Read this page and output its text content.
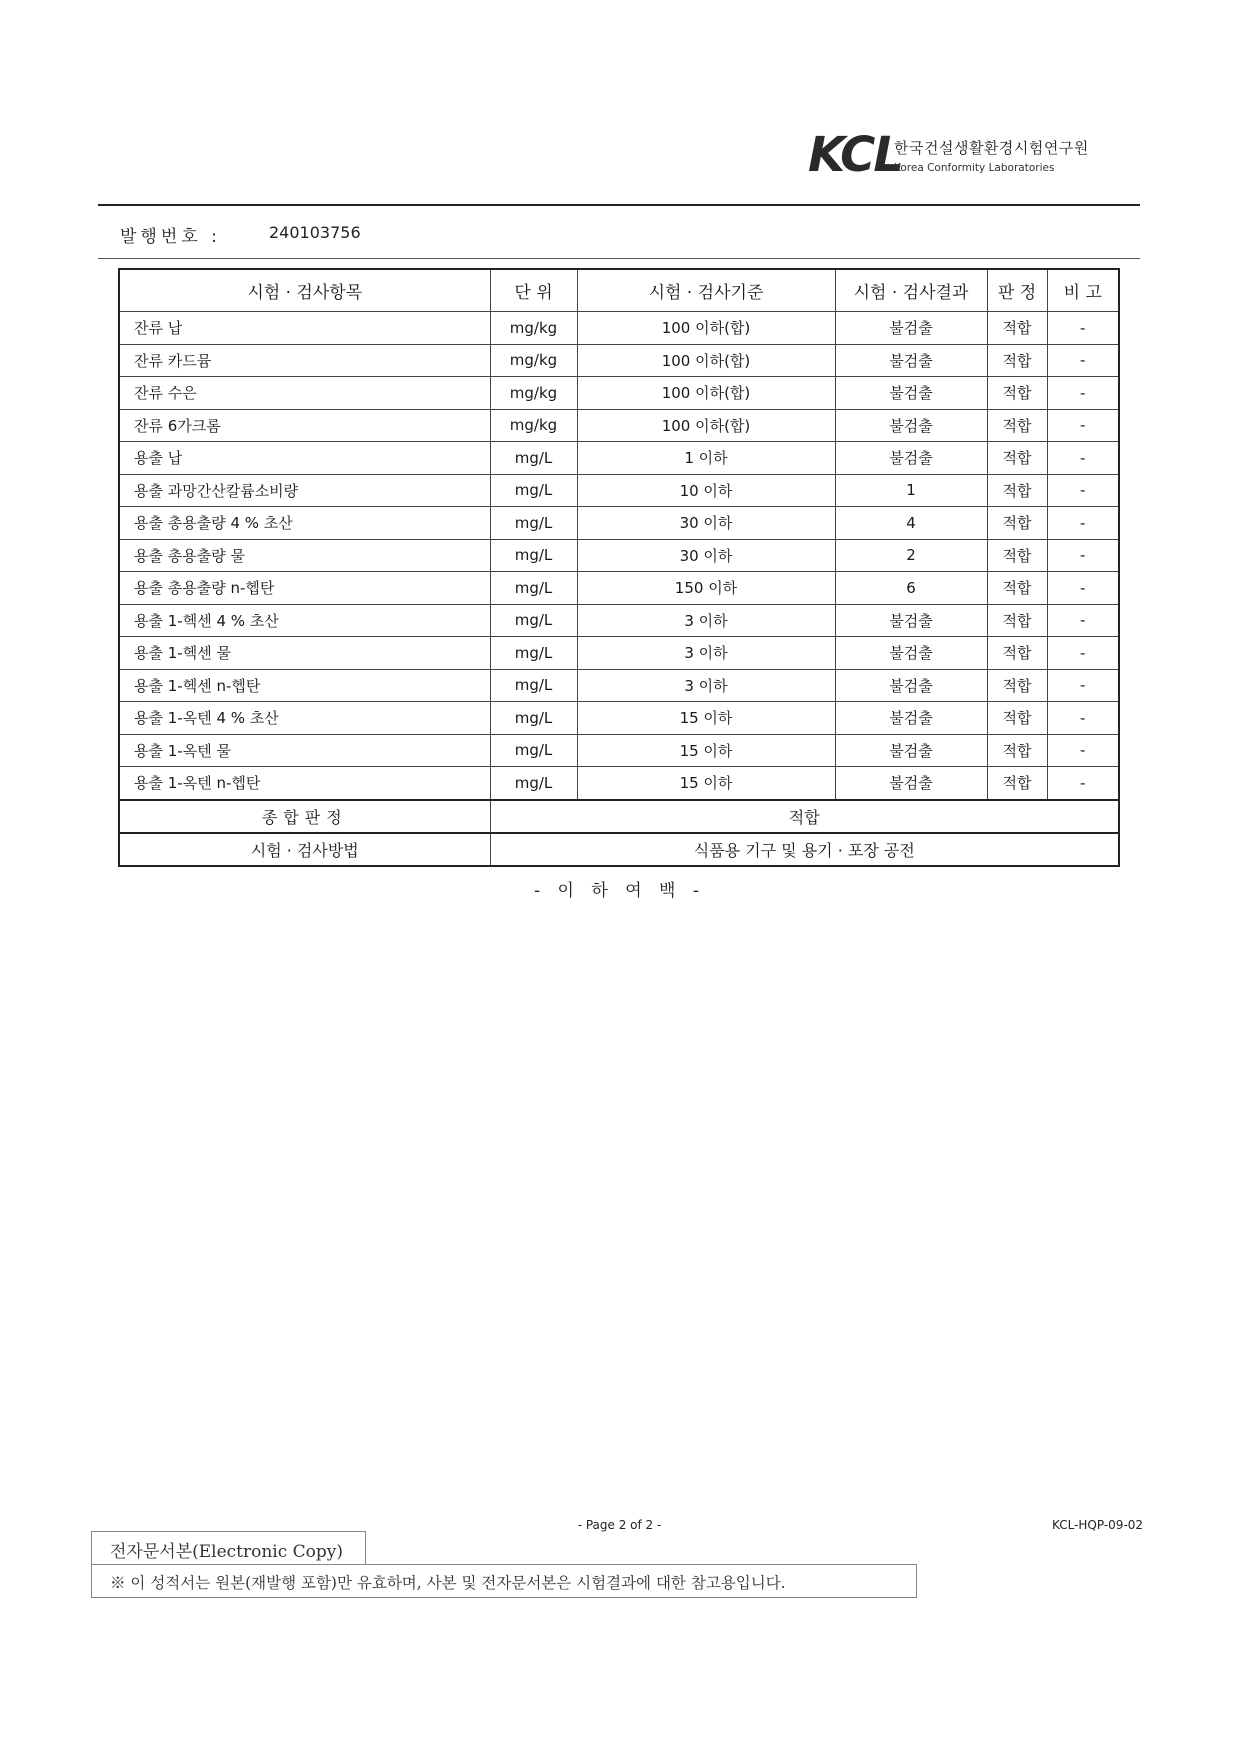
KCL
한국건설생활환경시험연구원
Korea Conformity Laboratories
발행번호 :	240103756
시험 · 검사항목	단 위	시험 · 검사기준	시험 · 검사결과	판 정	비 고
잔류 납	mg/kg	100 이하(합)	불검출	적합	-
잔류 카드뮴	mg/kg	100 이하(합)	불검출	적합	-
잔류 수은	mg/kg	100 이하(합)	불검출	적합	-
잔류 6가크롬	mg/kg	100 이하(합)	불검출	적합	-
용출 납	mg/L	1 이하	불검출	적합	-
용출 과망간산칼륨소비량	mg/L	10 이하	1	적합	-
용출 총용출량 4 % 초산	mg/L	30 이하	4	적합	-
용출 총용출량 물	mg/L	30 이하	2	적합	-
용출 총용출량 n-헵탄	mg/L	150 이하	6	적합	-
용출 1-헥센 4 % 초산	mg/L	3 이하	불검출	적합	-
용출 1-헥센 물	mg/L	3 이하	불검출	적합	-
용출 1-헥센 n-헵탄	mg/L	3 이하	불검출	적합	-
용출 1-옥텐 4 % 초산	mg/L	15 이하	불검출	적합	-
용출 1-옥텐 물	mg/L	15 이하	불검출	적합	-
용출 1-옥텐 n-헵탄	mg/L	15 이하	불검출	적합	-
종합판정	적합				
시험 · 검사방법	식품용 기구 및 용기 · 포장 공전				
- 이 하 여 백 -
- Page 2 of 2 -	KCL-HQP-09-02
전자문서본(Electronic Copy)
※ 이 성적서는 원본(재발행 포함)만 유효하며, 사본 및 전자문서본은 시험결과에 대한 참고용입니다.
